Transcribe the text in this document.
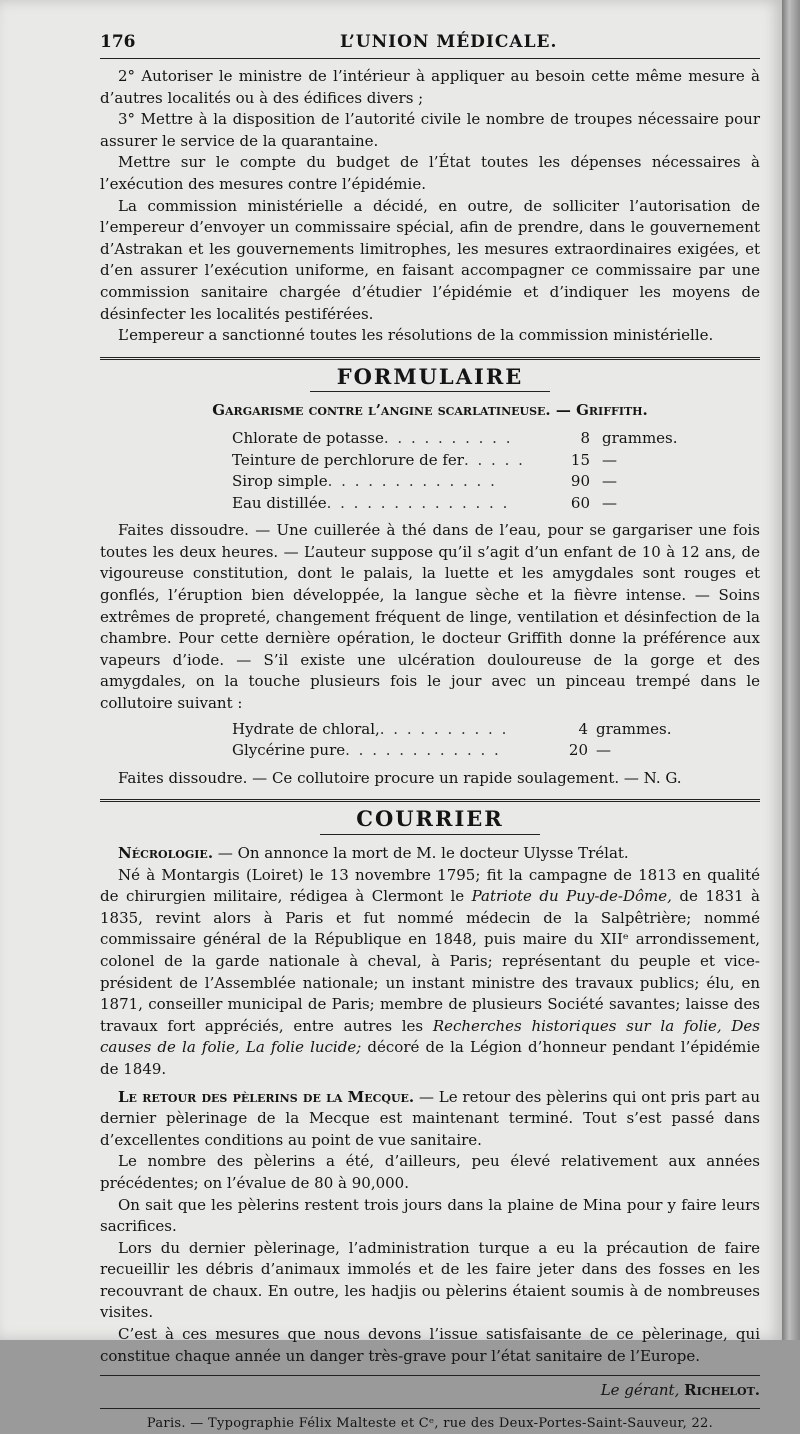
176	L’UNION MÉDICALE.

2° Autoriser le ministre de l’intérieur à appliquer au besoin cette même mesure à d’autres localités ou à des édifices divers ;

3° Mettre à la disposition de l’autorité civile le nombre de troupes nécessaire pour assurer le service de la quarantaine.

Mettre sur le compte du budget de l’État toutes les dépenses nécessaires à l’exécution des mesures contre l’épidémie.

La commission ministérielle a décidé, en outre, de solliciter l’autorisation de l’empereur d’envoyer un commissaire spécial, afin de prendre, dans le gouvernement d’Astrakan et les gouvernements limitrophes, les mesures extraordinaires exigées, et d’en assurer l’exécution uniforme, en faisant accompagner ce commissaire par une commission sanitaire chargée d’étudier l’épidémie et d’indiquer les moyens de désinfecter les localités pestiférées.

L’empereur a sanctionné toutes les résolutions de la commission ministérielle.

FORMULAIRE
Gargarisme contre l’angine scarlatineuse. — Griffith.
Chlorate de potasse . . . . . . . . . .	8 grammes.
Teinture de perchlorure de fer . . . . .	15 —
Sirop simple . . . . . . . . . . . . .	90 —
Eau distillée . . . . . . . . . . . . . .	60 —

Faites dissoudre. — Une cuillerée à thé dans de l’eau, pour se gargariser une fois toutes les deux heures. — L’auteur suppose qu’il s’agit d’un enfant de 10 à 12 ans, de vigoureuse constitution, dont le palais, la luette et les amygdales sont rouges et gonflés, l’éruption bien développée, la langue sèche et la fièvre intense. — Soins extrêmes de propreté, changement fréquent de linge, ventilation et désinfection de la chambre. Pour cette dernière opération, le docteur Griffith donne la préférence aux vapeurs d’iode. — S’il existe une ulcération douloureuse de la gorge et des amygdales, on la touche plusieurs fois le jour avec un pinceau trempé dans le collutoire suivant :

Hydrate de chloral, . . . . . . . . . .	4 grammes.
Glycérine pure . . . . . . . . . . . .	20 —

Faites dissoudre. — Ce collutoire procure un rapide soulagement. — N. G.

COURRIER

Nécrologie. — On annonce la mort de M. le docteur Ulysse Trélat.

Né à Montargis (Loiret) le 13 novembre 1795; fit la campagne de 1813 en qualité de chirurgien militaire, rédigea à Clermont le Patriote du Puy-de-Dôme, de 1831 à 1835, revint alors à Paris et fut nommé médecin de la Salpêtrière; nommé commissaire général de la République en 1848, puis maire du XIIᵉ arrondissement, colonel de la garde nationale à cheval, à Paris; représentant du peuple et vice-président de l’Assemblée nationale; un instant ministre des travaux publics; élu, en 1871, conseiller municipal de Paris; membre de plusieurs Société savantes; laisse des travaux fort appréciés, entre autres les Recherches historiques sur la folie, Des causes de la folie, La folie lucide; décoré de la Légion d’honneur pendant l’épidémie de 1849.

Le retour des pèlerins de la Mecque. — Le retour des pèlerins qui ont pris part au dernier pèlerinage de la Mecque est maintenant terminé. Tout s’est passé dans d’excellentes conditions au point de vue sanitaire.

Le nombre des pèlerins a été, d’ailleurs, peu élevé relativement aux années précédentes; on l’évalue de 80 à 90,000.

On sait que les pèlerins restent trois jours dans la plaine de Mina pour y faire leurs sacrifices.

Lors du dernier pèlerinage, l’administration turque a eu la précaution de faire recueillir les débris d’animaux immolés et de les faire jeter dans des fosses en les recouvrant de chaux. En outre, les hadjis ou pèlerins étaient soumis à de nombreuses visites.

C’est à ces mesures que nous devons l’issue satisfaisante de ce pèlerinage, qui constitue chaque année un danger très-grave pour l’état sanitaire de l’Europe.

Le gérant, Richelot.
Paris. — Typographie Félix Malteste et Cᵉ, rue des Deux-Portes-Saint-Sauveur, 22.
